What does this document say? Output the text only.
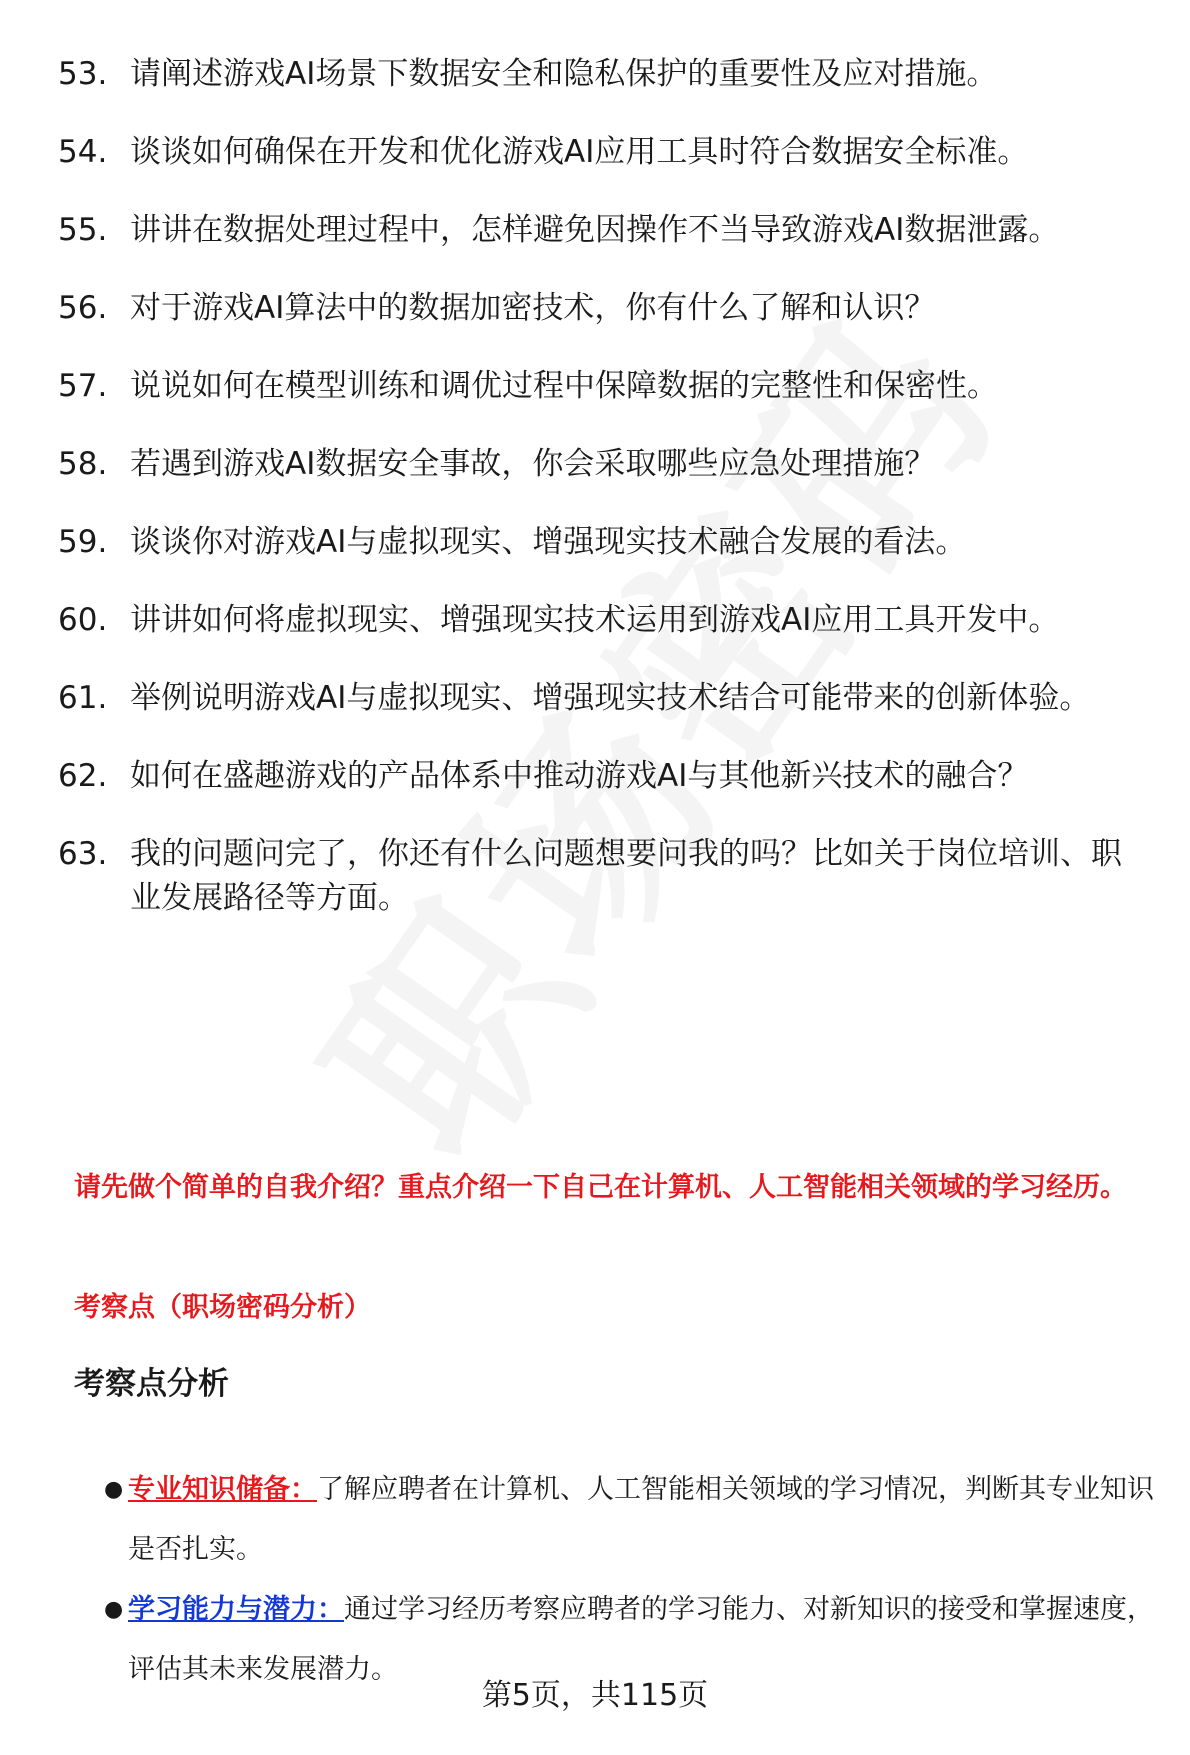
53. 请阐述游戏AI场景下数据安全和隐私保护的重要性及应对措施。
54. 谈谈如何确保在开发和优化游戏AI应用工具时符合数据安全标准。
55. 讲讲在数据处理过程中，怎样避免因操作不当导致游戏AI数据泄露。
56. 对于游戏AI算法中的数据加密技术，你有什么了解和认识？
57. 说说如何在模型训练和调优过程中保障数据的完整性和保密性。
58. 若遇到游戏AI数据安全事故，你会采取哪些应急处理措施？
59. 谈谈你对游戏AI与虚拟现实、增强现实技术融合发展的看法。
60. 讲讲如何将虚拟现实、增强现实技术运用到游戏AI应用工具开发中。
61. 举例说明游戏AI与虚拟现实、增强现实技术结合可能带来的创新体验。
62. 如何在盛趣游戏的产品体系中推动游戏AI与其他新兴技术的融合？
63. 我的问题问完了，你还有什么问题想要问我的吗？比如关于岗位培训、职业发展路径等方面。
请先做个简单的自我介绍？重点介绍一下自己在计算机、人工智能相关领域的学习经历。
考察点（职场密码分析）
考察点分析
● 专业知识储备：了解应聘者在计算机、人工智能相关领域的学习情况，判断其专业知识是否扎实。
● 学习能力与潜力：通过学习经历考察应聘者的学习能力、对新知识的接受和掌握速度，评估其未来发展潜力。
第5页，共115页
